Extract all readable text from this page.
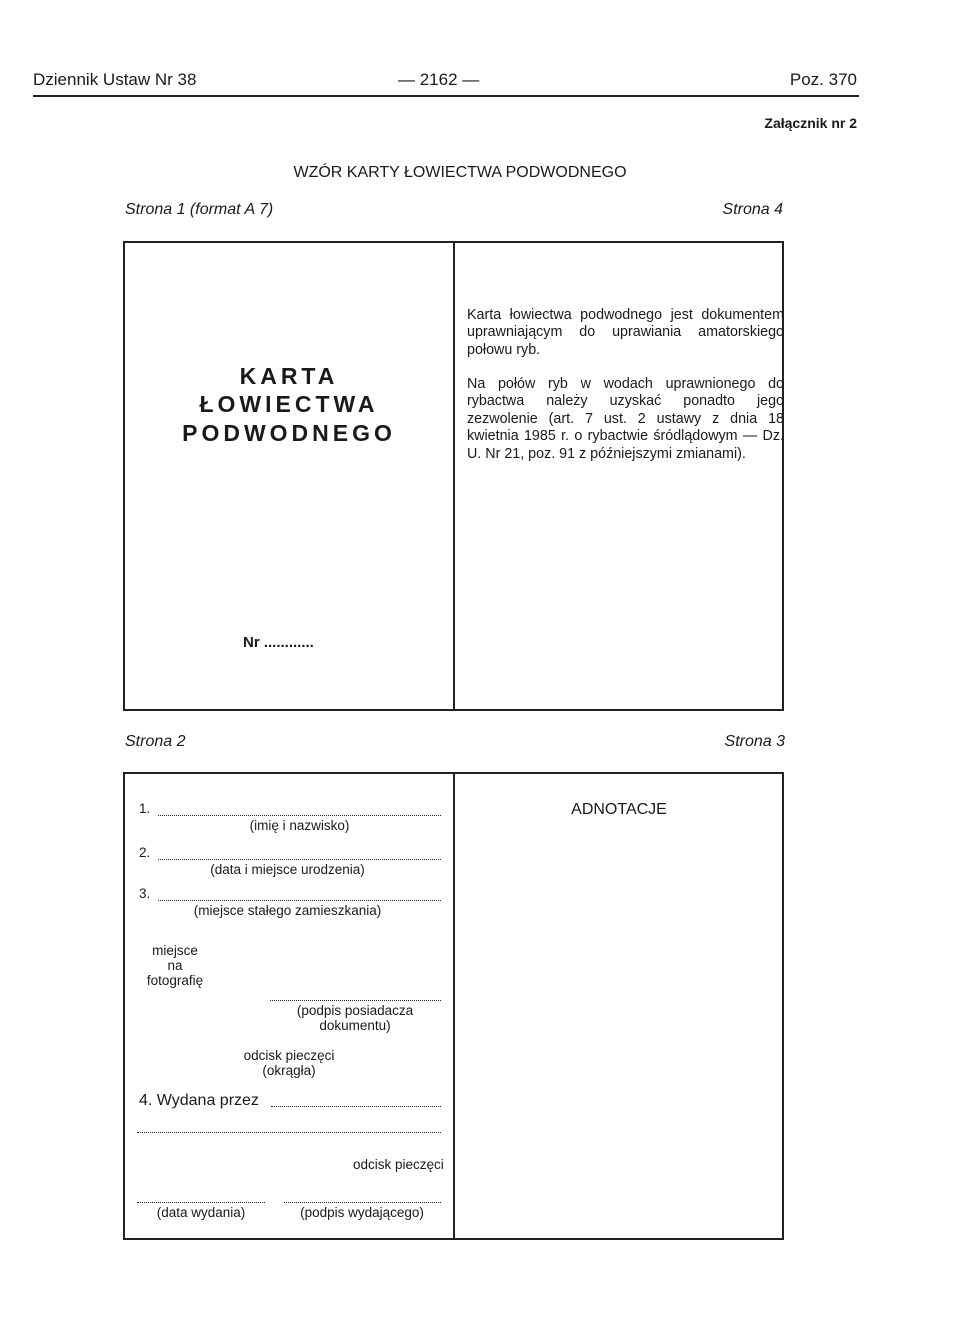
Dziennik Ustaw Nr 38	— 2162 —	Poz. 370
Załącznik nr 2
WZÓR KARTY ŁOWIECTWA PODWODNEGO
Strona 1 (format A 7)	Strona 4
KARTA
ŁOWIECTWA
PODWODNEGO
Karta łowiectwa podwodnego jest dokumentem uprawniającym do uprawiania amatorskiego połowu ryb.
Na połów ryb w wodach uprawnionego do rybactwa należy uzyskać ponadto jego zezwolenie (art. 7 ust. 2 ustawy z dnia 18 kwietnia 1985 r. o rybactwie śródlądowym — Dz. U. Nr 21, poz. 91 z późniejszymi zmianami).
Nr ............
Strona 2	Strona 3
1.
(imię i nazwisko)
2.
(data i miejsce urodzenia)
3.
(miejsce stałego zamieszkania)
miejsce
na
fotografię
(podpis posiadacza
dokumentu)
odcisk pieczęci
(okrągła)
4. Wydana przez
odcisk pieczęci
(data wydania)	(podpis wydającego)
ADNOTACJE
